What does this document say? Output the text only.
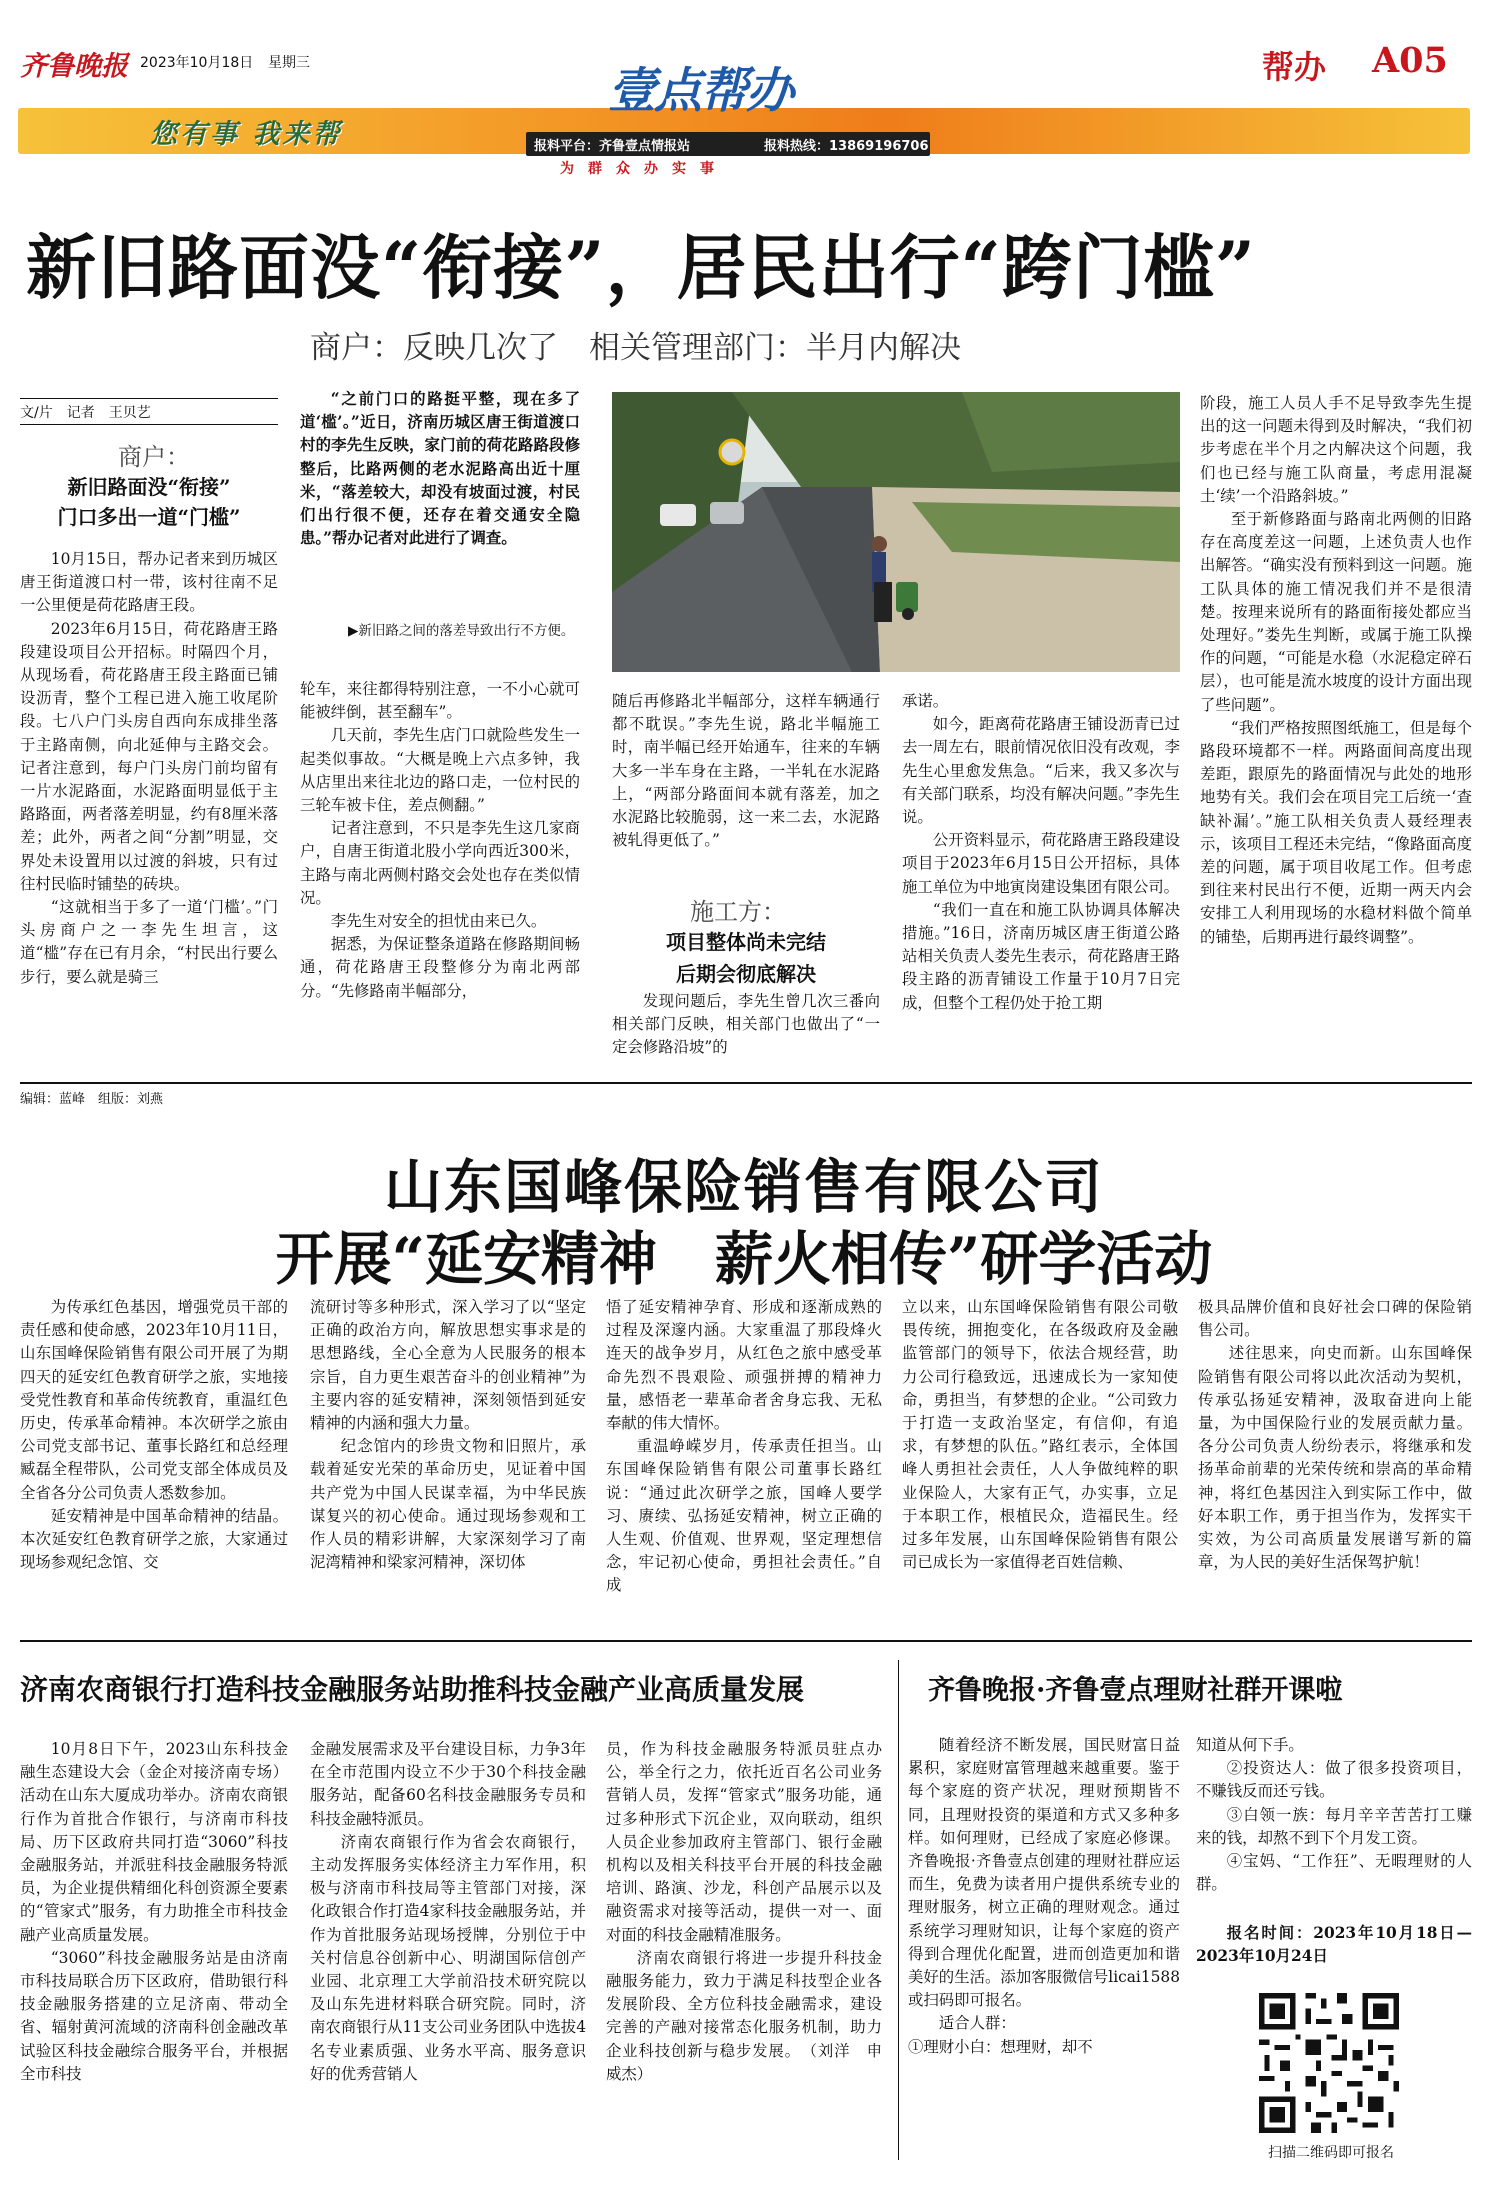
齐鲁晚报 2023年10月18日 星期三
您有事 我来帮
壹点帮办
报料平台：齐鲁壹点情报站	报料热线：13869196706
为群众办实事
帮办 A05
新旧路面没“衔接”，居民出行“跨门槛”
商户：反映几次了　相关管理部门：半月内解决
文/片　记者　王贝艺
商户：
新旧路面没“衔接”
门口多出一道“门槛”

10月15日，帮办记者来到历城区唐王街道渡口村一带，该村往南不足一公里便是荷花路唐王段。

2023年6月15日，荷花路唐王路段建设项目公开招标。时隔四个月，从现场看，荷花路唐王段主路面已铺设沥青，整个工程已进入施工收尾阶段。七八户门头房自西向东成排坐落于主路南侧，向北延伸与主路交会。记者注意到，每户门头房门前均留有一片水泥路面，水泥路面明显低于主路路面，两者落差明显，约有8厘米落差；此外，两者之间“分割”明显，交界处未设置用以过渡的斜坡，只有过往村民临时铺垫的砖块。

“这就相当于多了一道‘门槛’。”门头房商户之一李先生坦言，这道“槛”存在已有月余，“村民出行要么步行，要么就是骑三

“之前门口的路挺平整，现在多了道‘槛’。”近日，济南历城区唐王街道渡口村的李先生反映，家门前的荷花路路段修整后，比路两侧的老水泥路高出近十厘米，“落差较大，却没有坡面过渡，村民们出行很不便，还存在着交通安全隐患。”帮办记者对此进行了调查。

▶新旧路之间的落差导致出行不方便。

轮车，来往都得特别注意，一不小心就可能被绊倒，甚至翻车”。

几天前，李先生店门口就险些发生一起类似事故。“大概是晚上六点多钟，我从店里出来往北边的路口走，一位村民的三轮车被卡住，差点侧翻。”

记者注意到，不只是李先生这几家商户，自唐王街道北股小学向西近300米，主路与南北两侧村路交会处也存在类似情况。

李先生对安全的担忧由来已久。

据悉，为保证整条道路在修路期间畅通，荷花路唐王段整修分为南北两部分。“先修路南半幅部分，

随后再修路北半幅部分，这样车辆通行都不耽误。”李先生说，路北半幅施工时，南半幅已经开始通车，往来的车辆大多一半车身在主路，一半轧在水泥路上，“两部分路面间本就有落差，加之水泥路比较脆弱，这一来二去，水泥路被轧得更低了。”

施工方：
项目整体尚未完结
后期会彻底解决

发现问题后，李先生曾几次三番向相关部门反映，相关部门也做出了“一定会修路沿坡”的

承诺。

如今，距离荷花路唐王铺设沥青已过去一周左右，眼前情况依旧没有改观，李先生心里愈发焦急。“后来，我又多次与有关部门联系，均没有解决问题。”李先生说。

公开资料显示，荷花路唐王路段建设项目于2023年6月15日公开招标，具体施工单位为中地寅岗建设集团有限公司。

“我们一直在和施工队协调具体解决措施。”16日，济南历城区唐王街道公路站相关负责人娄先生表示，荷花路唐王路段主路的沥青铺设工作量于10月7日完成，但整个工程仍处于抢工期

阶段，施工人员人手不足导致李先生提出的这一问题未得到及时解决，“我们初步考虑在半个月之内解决这个问题，我们也已经与施工队商量，考虑用混凝土‘续’一个沿路斜坡。”

至于新修路面与路南北两侧的旧路存在高度差这一问题，上述负责人也作出解答。“确实没有预料到这一问题。施工队具体的施工情况我们并不是很清楚。按理来说所有的路面衔接处都应当处理好。”娄先生判断，或属于施工队操作的问题，“可能是水稳（水泥稳定碎石层），也可能是流水坡度的设计方面出现了些问题”。

“我们严格按照图纸施工，但是每个路段环境都不一样。两路面间高度出现差距，跟原先的路面情况与此处的地形地势有关。我们会在项目完工后统一‘查缺补漏’。”施工队相关负责人聂经理表示，该项目工程还未完结，“像路面高度差的问题，属于项目收尾工作。但考虑到往来村民出行不便，近期一两天内会安排工人利用现场的水稳材料做个简单的铺垫，后期再进行最终调整”。

编辑：蓝峰　组版：刘燕
山东国峰保险销售有限公司
开展“延安精神　薪火相传”研学活动

为传承红色基因，增强党员干部的责任感和使命感，2023年10月11日，山东国峰保险销售有限公司开展了为期四天的延安红色教育研学之旅，实地接受党性教育和革命传统教育，重温红色历史，传承革命精神。本次研学之旅由公司党支部书记、董事长路红和总经理臧磊全程带队，公司党支部全体成员及全省各分公司负责人悉数参加。

延安精神是中国革命精神的结晶。本次延安红色教育研学之旅，大家通过现场参观纪念馆、交

流研讨等多种形式，深入学习了以“坚定正确的政治方向，解放思想实事求是的思想路线，全心全意为人民服务的根本宗旨，自力更生艰苦奋斗的创业精神”为主要内容的延安精神，深刻领悟到延安精神的内涵和强大力量。

纪念馆内的珍贵文物和旧照片，承载着延安光荣的革命历史，见证着中国共产党为中国人民谋幸福，为中华民族谋复兴的初心使命。通过现场参观和工作人员的精彩讲解，大家深刻学习了南泥湾精神和梁家河精神，深切体

悟了延安精神孕育、形成和逐渐成熟的过程及深邃内涵。大家重温了那段烽火连天的战争岁月，从红色之旅中感受革命先烈不畏艰险、顽强拼搏的精神力量，感悟老一辈革命者舍身忘我、无私奉献的伟大情怀。

重温峥嵘岁月，传承责任担当。山东国峰保险销售有限公司董事长路红说：“通过此次研学之旅，国峰人要学习、赓续、弘扬延安精神，树立正确的人生观、价值观、世界观，坚定理想信念，牢记初心使命，勇担社会责任。”自成

立以来，山东国峰保险销售有限公司敬畏传统，拥抱变化，在各级政府及金融监管部门的领导下，依法合规经营，助力公司行稳致远，迅速成长为一家知使命，勇担当，有梦想的企业。“公司致力于打造一支政治坚定，有信仰，有追求，有梦想的队伍。”路红表示，全体国峰人勇担社会责任，人人争做纯粹的职业保险人，大家有正气，办实事，立足于本职工作，根植民众，造福民生。经过多年发展，山东国峰保险销售有限公司已成长为一家值得老百姓信赖、

极具品牌价值和良好社会口碑的保险销售公司。

述往思来，向史而新。山东国峰保险销售有限公司将以此次活动为契机，传承弘扬延安精神，汲取奋进向上能量，为中国保险行业的发展贡献力量。各分公司负责人纷纷表示，将继承和发扬革命前辈的光荣传统和崇高的革命精神，将红色基因注入到实际工作中，做好本职工作，勇于担当作为，发挥实干实效，为公司高质量发展谱写新的篇章，为人民的美好生活保驾护航！

济南农商银行打造科技金融服务站助推科技金融产业高质量发展

10月8日下午，2023山东科技金融生态建设大会（金企对接济南专场）活动在山东大厦成功举办。济南农商银行作为首批合作银行，与济南市科技局、历下区政府共同打造“3060”科技金融服务站，并派驻科技金融服务特派员，为企业提供精细化科创资源全要素的“管家式”服务，有力助推全市科技金融产业高质量发展。

“3060”科技金融服务站是由济南市科技局联合历下区政府，借助银行科技金融服务搭建的立足济南、带动全省、辐射黄河流域的济南科创金融改革试验区科技金融综合服务平台，并根据全市科技

金融发展需求及平台建设目标，力争3年在全市范围内设立不少于30个科技金融服务站，配备60名科技金融服务专员和科技金融特派员。

济南农商银行作为省会农商银行，主动发挥服务实体经济主力军作用，积极与济南市科技局等主管部门对接，深化政银合作打造4家科技金融服务站，并作为首批服务站现场授牌，分别位于中关村信息谷创新中心、明湖国际信创产业园、北京理工大学前沿技术研究院以及山东先进材料联合研究院。同时，济南农商银行从11支公司业务团队中选拔4名专业素质强、业务水平高、服务意识好的优秀营销人

员，作为科技金融服务特派员驻点办公，举全行之力，依托近百名公司业务营销人员，发挥“管家式”服务功能，通过多种形式下沉企业，双向联动，组织人员企业参加政府主管部门、银行金融机构以及相关科技平台开展的科技金融培训、路演、沙龙，科创产品展示以及融资需求对接等活动，提供一对一、面对面的科技金融精准服务。

济南农商银行将进一步提升科技金融服务能力，致力于满足科技型企业各发展阶段、全方位科技金融需求，建设完善的产融对接常态化服务机制，助力企业科技创新与稳步发展。　（刘洋　申威杰）

齐鲁晚报·齐鲁壹点理财社群开课啦

随着经济不断发展，国民财富日益累积，家庭财富管理越来越重要。鉴于每个家庭的资产状况，理财预期皆不同，且理财投资的渠道和方式又多种多样。如何理财，已经成了家庭必修课。齐鲁晚报·齐鲁壹点创建的理财社群应运而生，免费为读者用户提供系统专业的理财服务，树立正确的理财观念。通过系统学习理财知识，让每个家庭的资产得到合理优化配置，进而创造更加和谐美好的生活。添加客服微信号licai1588或扫码即可报名。

适合人群：

①理财小白：想理财，却不

知道从何下手。

②投资达人：做了很多投资项目，不赚钱反而还亏钱。

③白领一族：每月辛辛苦苦打工赚来的钱，却熬不到下个月发工资。

④宝妈、“工作狂”、无暇理财的人群。

报名时间：2023年10月18日—2023年10月24日

扫描二维码即可报名
